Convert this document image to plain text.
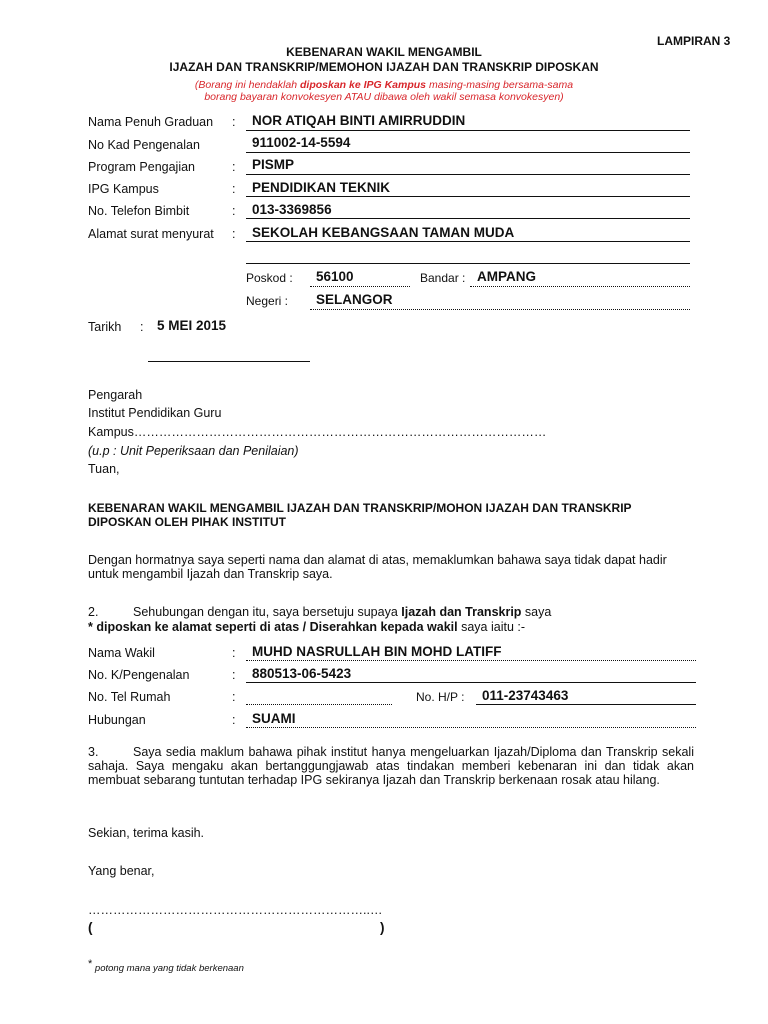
LAMPIRAN 3
KEBENARAN WAKIL MENGAMBIL
IJAZAH DAN TRANSKRIP/MEMOHON IJAZAH DAN TRANSKRIP DIPOSKAN
(Borang ini hendaklah diposkan ke IPG Kampus masing-masing bersama-sama
borang bayaran konvokesyen ATAU dibawa oleh wakil semasa konvokesyen)
Nama Penuh Graduan : NOR ATIQAH BINTI AMIRRUDDIN
No Kad Pengenalan	911002-14-5594
Program Pengajian	: PISMP
IPG Kampus	: PENDIDIKAN TEKNIK
No. Telefon Bimbit	: 013-3369856
Alamat surat menyurat : SEKOLAH KEBANGSAAN TAMAN MUDA
Poskod : 56100	Bandar : AMPANG
Negeri : SELANGOR
Tarikh : 5 MEI 2015
Pengarah
Institut Pendidikan Guru
Kampus………………………………………………………………………………………
(u.p : Unit Peperiksaan dan Penilaian)
Tuan,
KEBENARAN WAKIL MENGAMBIL IJAZAH DAN TRANSKRIP/MOHON IJAZAH DAN TRANSKRIP
DIPOSKAN OLEH PIHAK INSTITUT
Dengan hormatnya saya seperti nama dan alamat di atas, memaklumkan bahawa saya tidak dapat hadir untuk mengambil Ijazah dan Transkrip saya.
2.	Sehubungan dengan itu, saya bersetuju supaya Ijazah dan Transkrip saya
* diposkan ke alamat seperti di atas / Diserahkan kepada wakil saya iaitu :-
Nama Wakil	: MUHD NASRULLAH BIN MOHD LATIFF
No. K/Pengenalan	: 880513-06-5423
No. Tel Rumah	:	No. H/P : 011-23743463
Hubungan	: SUAMI
3.	Saya sedia maklum bahawa pihak institut hanya mengeluarkan Ijazah/Diploma dan Transkrip sekali sahaja. Saya mengaku akan bertanggungjawab atas tindakan memberi kebenaran ini dan tidak akan membuat sebarang tuntutan terhadap IPG sekiranya Ijazah dan Transkrip berkenaan rosak atau hilang.
Sekian, terima kasih.
Yang benar,
…………………………………………………………..…
(	)
* potong mana yang tidak berkenaan
